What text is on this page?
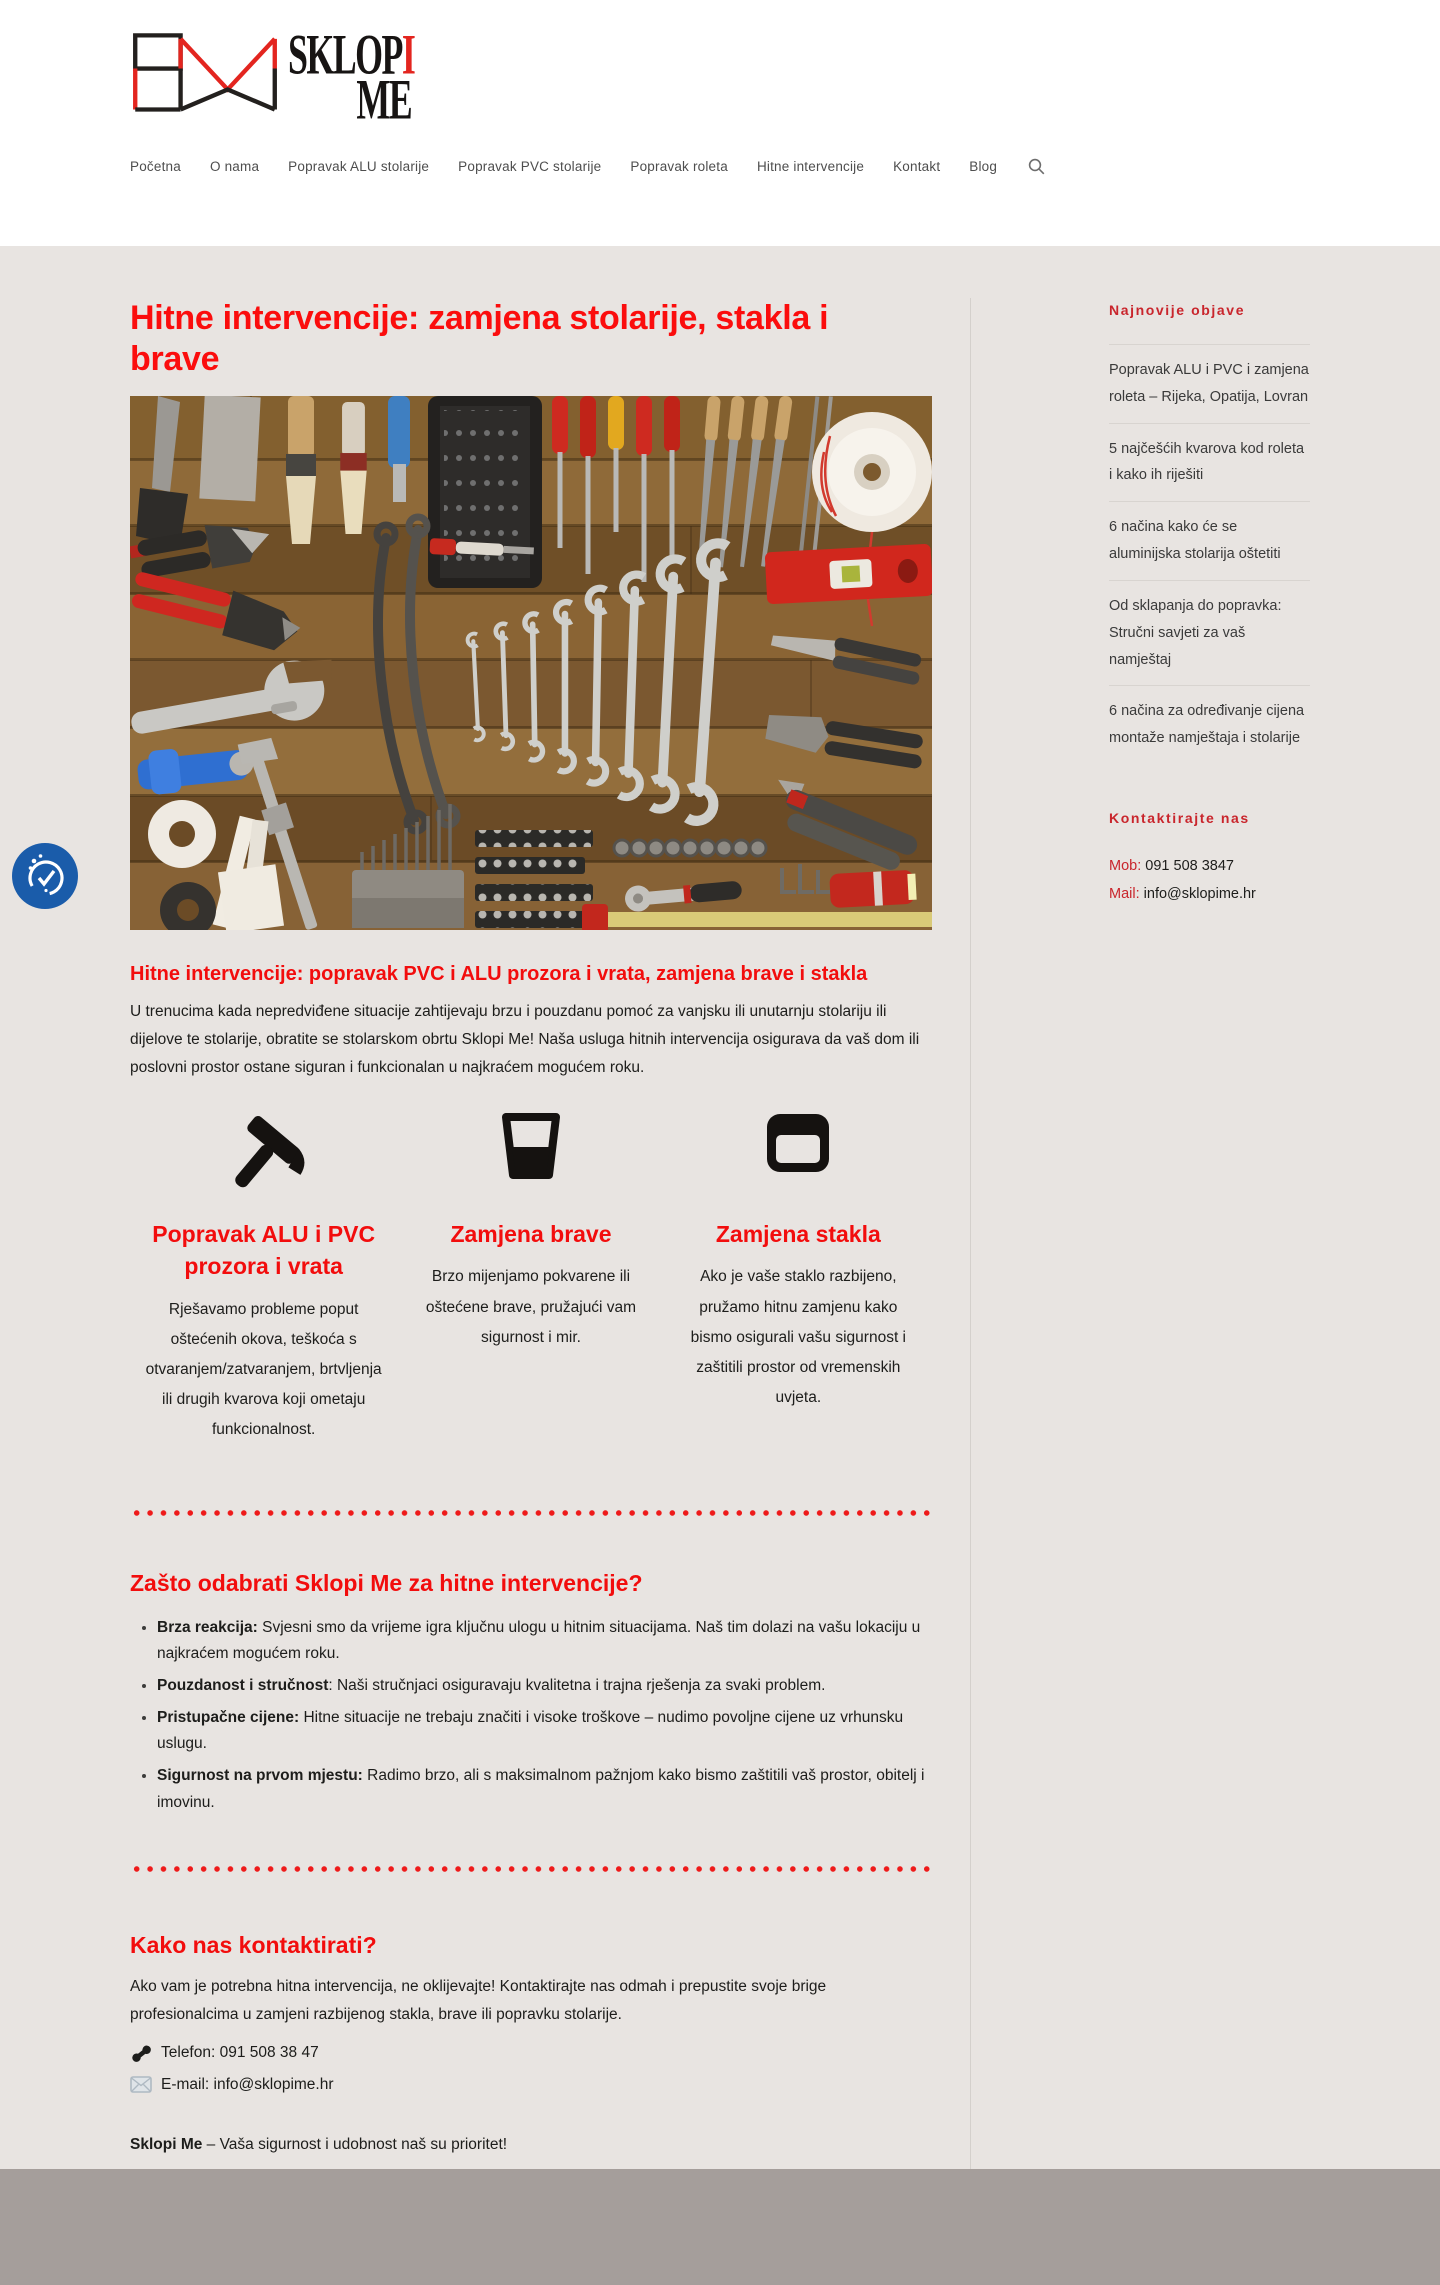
SKLOPI
ME
Početna O nama Popravak ALU stolarije Popravak PVC stolarije Popravak roleta Hitne intervencije Kontakt Blog
Hitne intervencije: zamjena stolarije, stakla i brave
Hitne intervencije: popravak PVC i ALU prozora i vrata, zamjena brave i stakla

U trenucima kada nepredviđene situacije zahtijevaju brzu i pouzdanu pomoć za vanjsku ili unutarnju stolariju ili dijelove te stolarije, obratite se stolarskom obrtu Sklopi Me! Naša usluga hitnih intervencija osigurava da vaš dom ili poslovni prostor ostane siguran i funkcionalan u najkraćem mogućem roku.

Popravak ALU i PVC prozora i vrata
Rješavamo probleme poput oštećenih okova, teškoća s otvaranjem/zatvaranjem, brtvljenja ili drugih kvarova koji ometaju funkcionalnost.
Zamjena brave
Brzo mijenjamo pokvarene ili oštećene brave, pružajući vam sigurnost i mir.
Zamjena stakla
Ako je vaše staklo razbijeno, pružamo hitnu zamjenu kako bismo osigurali vašu sigurnost i zaštitili prostor od vremenskih uvjeta.
Zašto odabrati Sklopi Me za hitne intervencije?
Brza reakcija: Svjesni smo da vrijeme igra ključnu ulogu u hitnim situacijama. Naš tim dolazi na vašu lokaciju u najkraćem mogućem roku.
Pouzdanost i stručnost: Naši stručnjaci osiguravaju kvalitetna i trajna rješenja za svaki problem.
Pristupačne cijene: Hitne situacije ne trebaju značiti i visoke troškove – nudimo povoljne cijene uz vrhunsku uslugu.
Sigurnost na prvom mjestu: Radimo brzo, ali s maksimalnom pažnjom kako bismo zaštitili vaš prostor, obitelj i imovinu.
Kako nas kontaktirati?

Ako vam je potrebna hitna intervencija, ne oklijevajte! Kontaktirajte nas odmah i prepustite svoje brige profesionalcima u zamjeni razbijenog stakla, brave ili popravku stolarije.

Telefon: 091 508 38 47
E-mail: info@sklopime.hr

Sklopi Me – Vaša sigurnost i udobnost naš su prioritet!

Najnovije objave
Popravak ALU i PVC i zamjena roleta – Rijeka, Opatija, Lovran
5 najčešćih kvarova kod roleta i kako ih riješiti
6 načina kako će se aluminijska stolarija oštetiti
Od sklapanja do popravka: Stručni savjeti za vaš namještaj
6 načina za određivanje cijena montaže namještaja i stolarije
Kontaktirajte nas

Mob: 091 508 3847

Mail: info@sklopime.hr
